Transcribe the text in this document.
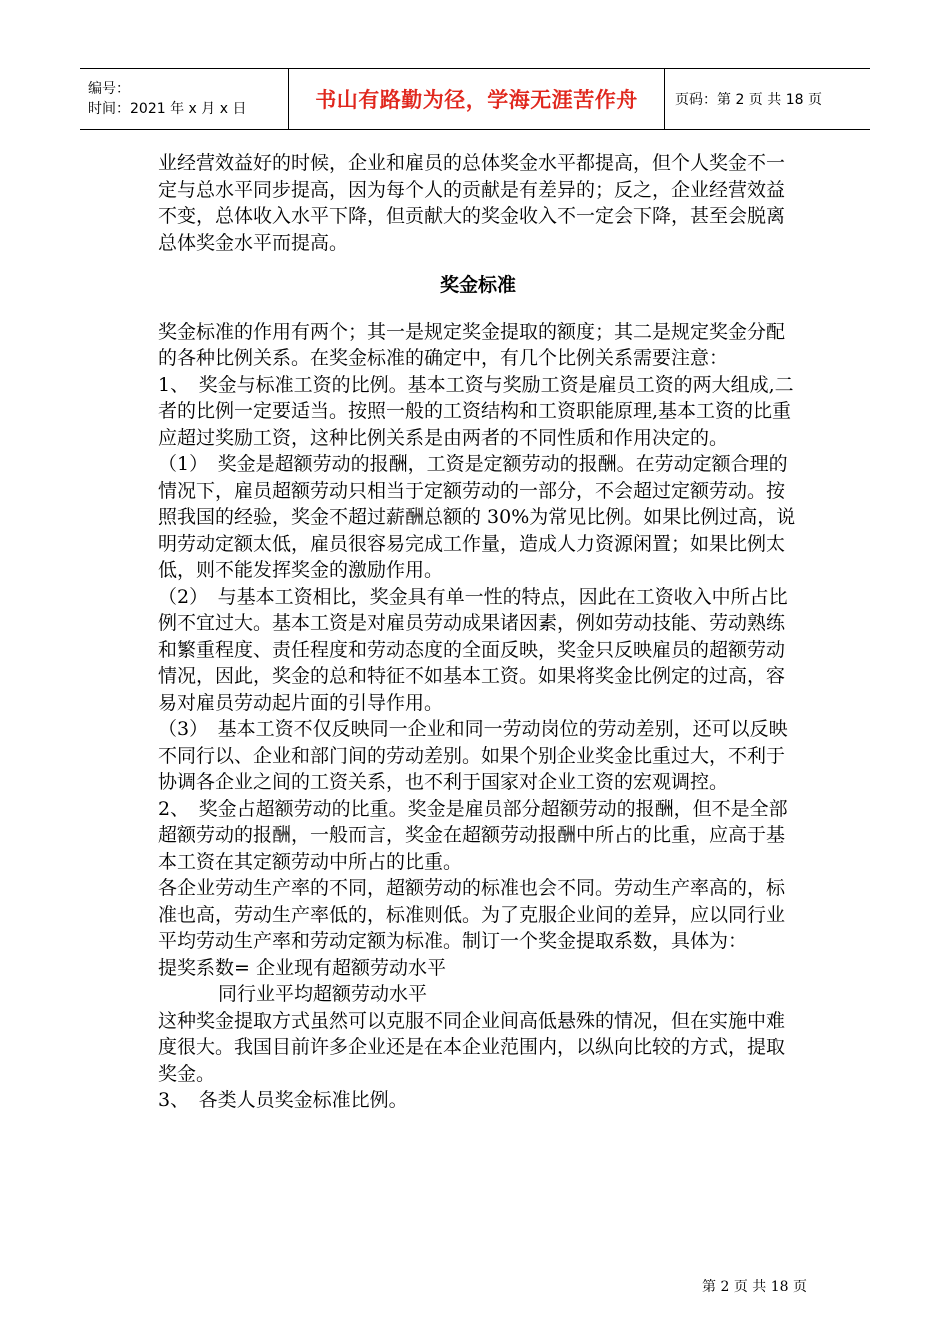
编号：
时间：2021 年 x 月 x 日	书山有路勤为径，学海无涯苦作舟	页码：第 2 页 共 18 页

业经营效益好的时候，企业和雇员的总体奖金水平都提高，但个人奖金不一定与总水平同步提高，因为每个人的贡献是有差异的；反之，企业经营效益不变，总体收入水平下降，但贡献大的奖金收入不一定会下降，甚至会脱离总体奖金水平而提高。

奖金标准

奖金标准的作用有两个；其一是规定奖金提取的额度；其二是规定奖金分配的各种比例关系。在奖金标准的确定中，有几个比例关系需要注意：

1、　奖金与标准工资的比例。基本工资与奖励工资是雇员工资的两大组成,二者的比例一定要适当。按照一般的工资结构和工资职能原理,基本工资的比重应超过奖励工资，这种比例关系是由两者的不同性质和作用决定的。

（1）　奖金是超额劳动的报酬，工资是定额劳动的报酬。在劳动定额合理的情况下，雇员超额劳动只相当于定额劳动的一部分，不会超过定额劳动。按照我国的经验，奖金不超过薪酬总额的 30%为常见比例。如果比例过高，说明劳动定额太低，雇员很容易完成工作量，造成人力资源闲置；如果比例太低，则不能发挥奖金的激励作用。

（2）　与基本工资相比，奖金具有单一性的特点，因此在工资收入中所占比例不宜过大。基本工资是对雇员劳动成果诸因素，例如劳动技能、劳动熟练和繁重程度、责任程度和劳动态度的全面反映，奖金只反映雇员的超额劳动情况，因此，奖金的总和特征不如基本工资。如果将奖金比例定的过高，容易对雇员劳动起片面的引导作用。

（3）　基本工资不仅反映同一企业和同一劳动岗位的劳动差别，还可以反映不同行以、企业和部门间的劳动差别。如果个别企业奖金比重过大，不利于协调各企业之间的工资关系，也不利于国家对企业工资的宏观调控。

2、　奖金占超额劳动的比重。奖金是雇员部分超额劳动的报酬，但不是全部超额劳动的报酬，一般而言，奖金在超额劳动报酬中所占的比重，应高于基本工资在其定额劳动中所占的比重。

各企业劳动生产率的不同，超额劳动的标准也会不同。劳动生产率高的，标准也高，劳动生产率低的，标准则低。为了克服企业间的差异，应以同行业平均劳动生产率和劳动定额为标准。制订一个奖金提取系数，具体为：

提奖系数= 企业现有超额劳动水平

同行业平均超额劳动水平

这种奖金提取方式虽然可以克服不同企业间高低悬殊的情况，但在实施中难度很大。我国目前许多企业还是在本企业范围内，以纵向比较的方式，提取奖金。

3、　各类人员奖金标准比例。

第 2 页 共 18 页
